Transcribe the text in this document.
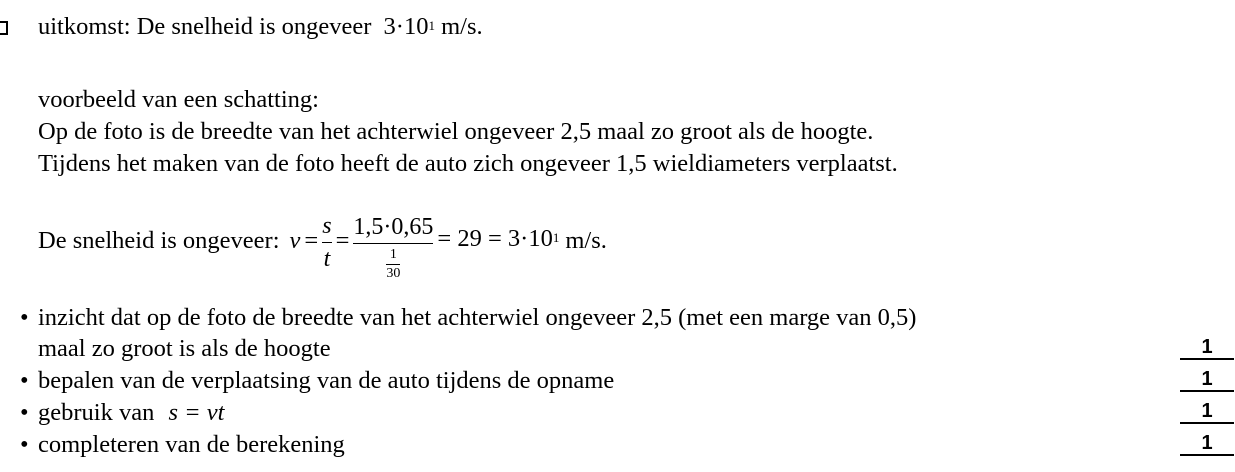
uitkomst: De snelheid is ongeveer $3\cdot 10^1$ m/s.
voorbeeld van een schatting:
Op de foto is de breedte van het achterwiel ongeveer 2,5 maal zo groot als de hoogte.
Tijdens het maken van de foto heeft de auto zich ongeveer 1,5 wieldiameters verplaatst.
De snelheid is ongeveer: $v = \frac{s}{t} = \frac{1,5\cdot 0,65}{\frac{1}{30}} = 29 = 3\cdot 10^1$ m/s.
• inzicht dat op de foto de breedte van het achterwiel ongeveer 2,5 (met een marge van 0,5)
maal zo groot is als de hoogte	1
• bepalen van de verplaatsing van de auto tijdens de opname	1
• gebruik van s = vt	1
• completeren van de berekening	1
